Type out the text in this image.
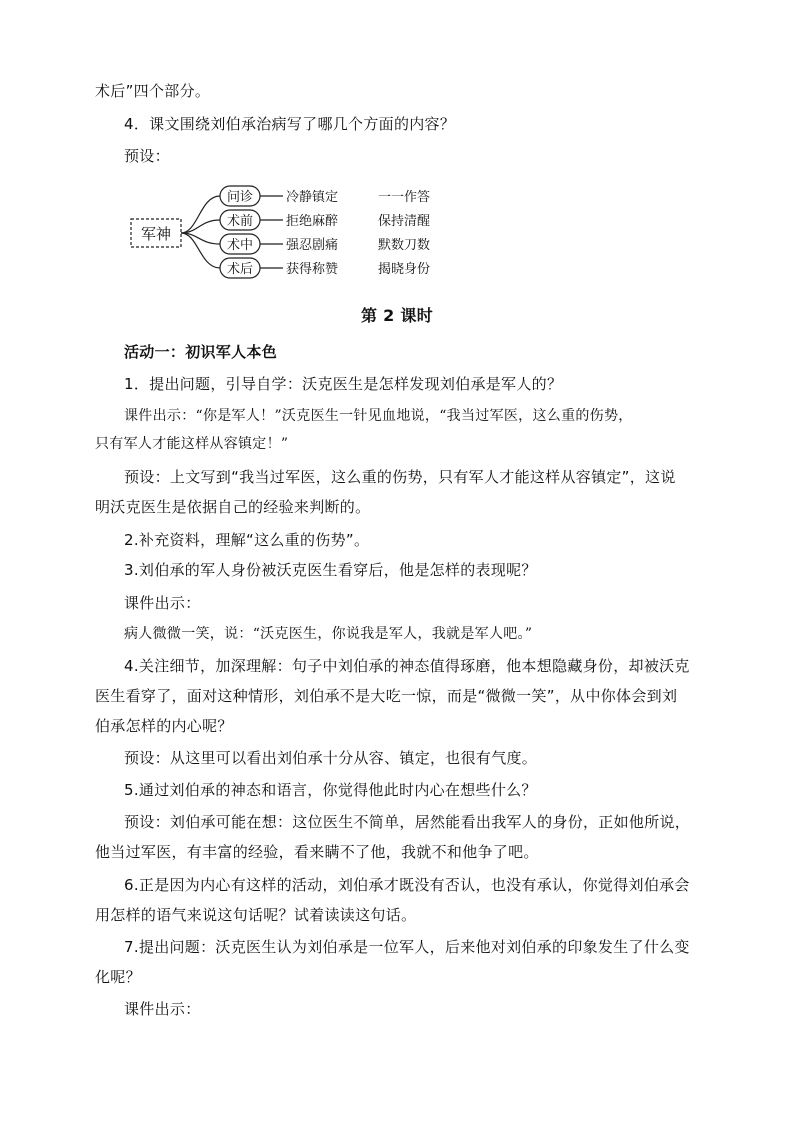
术后”四个部分。
4．课文围绕刘伯承治病写了哪几个方面的内容？
预设：
军神
问诊	冷静镇定	一一作答
术前	拒绝麻醉	保持清醒
术中	强忍剧痛	默数刀数
术后	获得称赞	揭晓身份
第 2 课时
活动一：初识军人本色
1．提出问题，引导自学：沃克医生是怎样发现刘伯承是军人的？
课件出示：“你是军人！”沃克医生一针见血地说，“我当过军医，这么重的伤势，
只有军人才能这样从容镇定！”
预设：上文写到“我当过军医，这么重的伤势，只有军人才能这样从容镇定”，这说
明沃克医生是依据自己的经验来判断的。
2.补充资料，理解“这么重的伤势”。
3.刘伯承的军人身份被沃克医生看穿后，他是怎样的表现呢？
课件出示：
病人微微一笑，说：“沃克医生，你说我是军人，我就是军人吧。”
4.关注细节，加深理解：句子中刘伯承的神态值得琢磨，他本想隐藏身份，却被沃克
医生看穿了，面对这种情形，刘伯承不是大吃一惊，而是“微微一笑”，从中你体会到刘
伯承怎样的内心呢？
预设：从这里可以看出刘伯承十分从容、镇定，也很有气度。
5.通过刘伯承的神态和语言，你觉得他此时内心在想些什么？
预设：刘伯承可能在想：这位医生不简单，居然能看出我军人的身份，正如他所说，
他当过军医，有丰富的经验，看来瞒不了他，我就不和他争了吧。
6.正是因为内心有这样的活动，刘伯承才既没有否认，也没有承认，你觉得刘伯承会
用怎样的语气来说这句话呢？试着读读这句话。
7.提出问题：沃克医生认为刘伯承是一位军人，后来他对刘伯承的印象发生了什么变
化呢？
课件出示：
